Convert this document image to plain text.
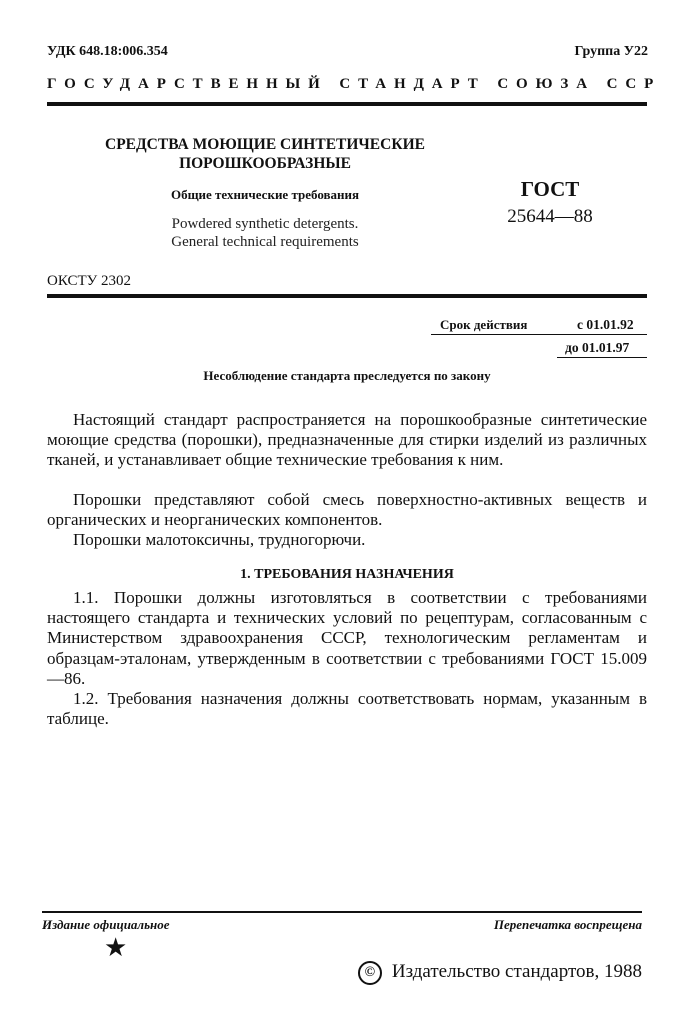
УДК 648.18:006.354	Группа У22
ГОСУДАРСТВЕННЫЙ СТАНДАРТ СОЮЗА ССР
СРЕДСТВА МОЮЩИЕ СИНТЕТИЧЕСКИЕ
ПОРОШКООБРАЗНЫЕ
Общие технические требования
Powdered synthetic detergents.
General technical requirements
ГОСТ
25644—88
ОКСТУ 2302
Срок действия	с 01.01.92
до 01.01.97
Несоблюдение стандарта преследуется по закону
Настоящий стандарт распространяется на порошкообразные синтетические моющие средства (порошки), предназначенные для стирки изделий из различных тканей, и устанавливает общие технические требования к ним.
Порошки представляют собой смесь поверхностно-активных веществ и органических и неорганических компонентов.
Порошки малотоксичны, трудногорючи.
1. ТРЕБОВАНИЯ НАЗНАЧЕНИЯ
1.1. Порошки должны изготовляться в соответствии с требованиями настоящего стандарта и технических условий по рецептурам, согласованным с Министерством здравоохранения СССР, технологическим регламентам и образцам-эталонам, утвержденным в соответствии с требованиями ГОСТ 15.009—86.
1.2. Требования назначения должны соответствовать нормам, указанным в таблице.
Издание официальное	Перепечатка воспрещена
★
© Издательство стандартов, 1988
